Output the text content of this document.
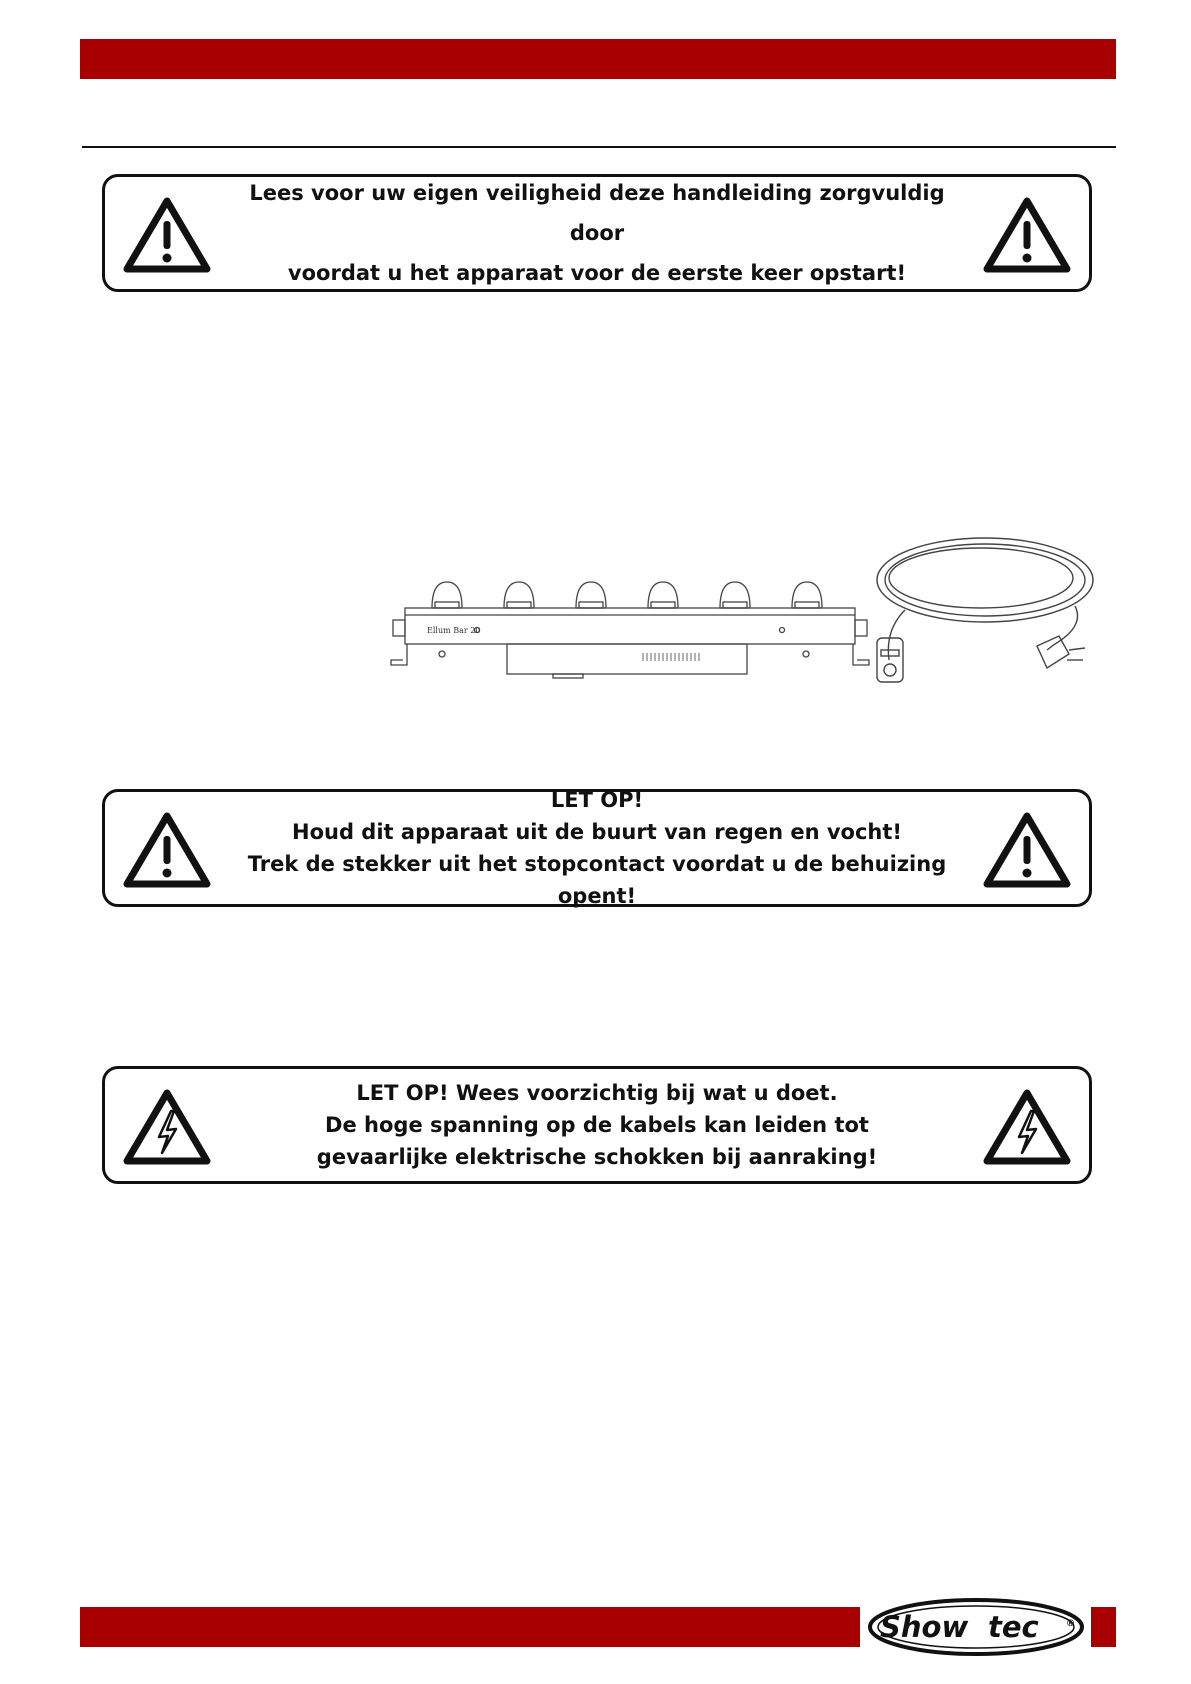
Lees voor uw eigen veiligheid deze handleiding zorgvuldig door
voordat u het apparaat voor de eerste keer opstart!
Ellum Bar 20
LET OP!
Houd dit apparaat uit de buurt van regen en vocht!
Trek de stekker uit het stopcontact voordat u de behuizing opent!
LET OP! Wees voorzichtig bij wat u doet.
De hoge spanning op de kabels kan leiden tot
gevaarlijke elektrische schokken bij aanraking!
Show tec	®
